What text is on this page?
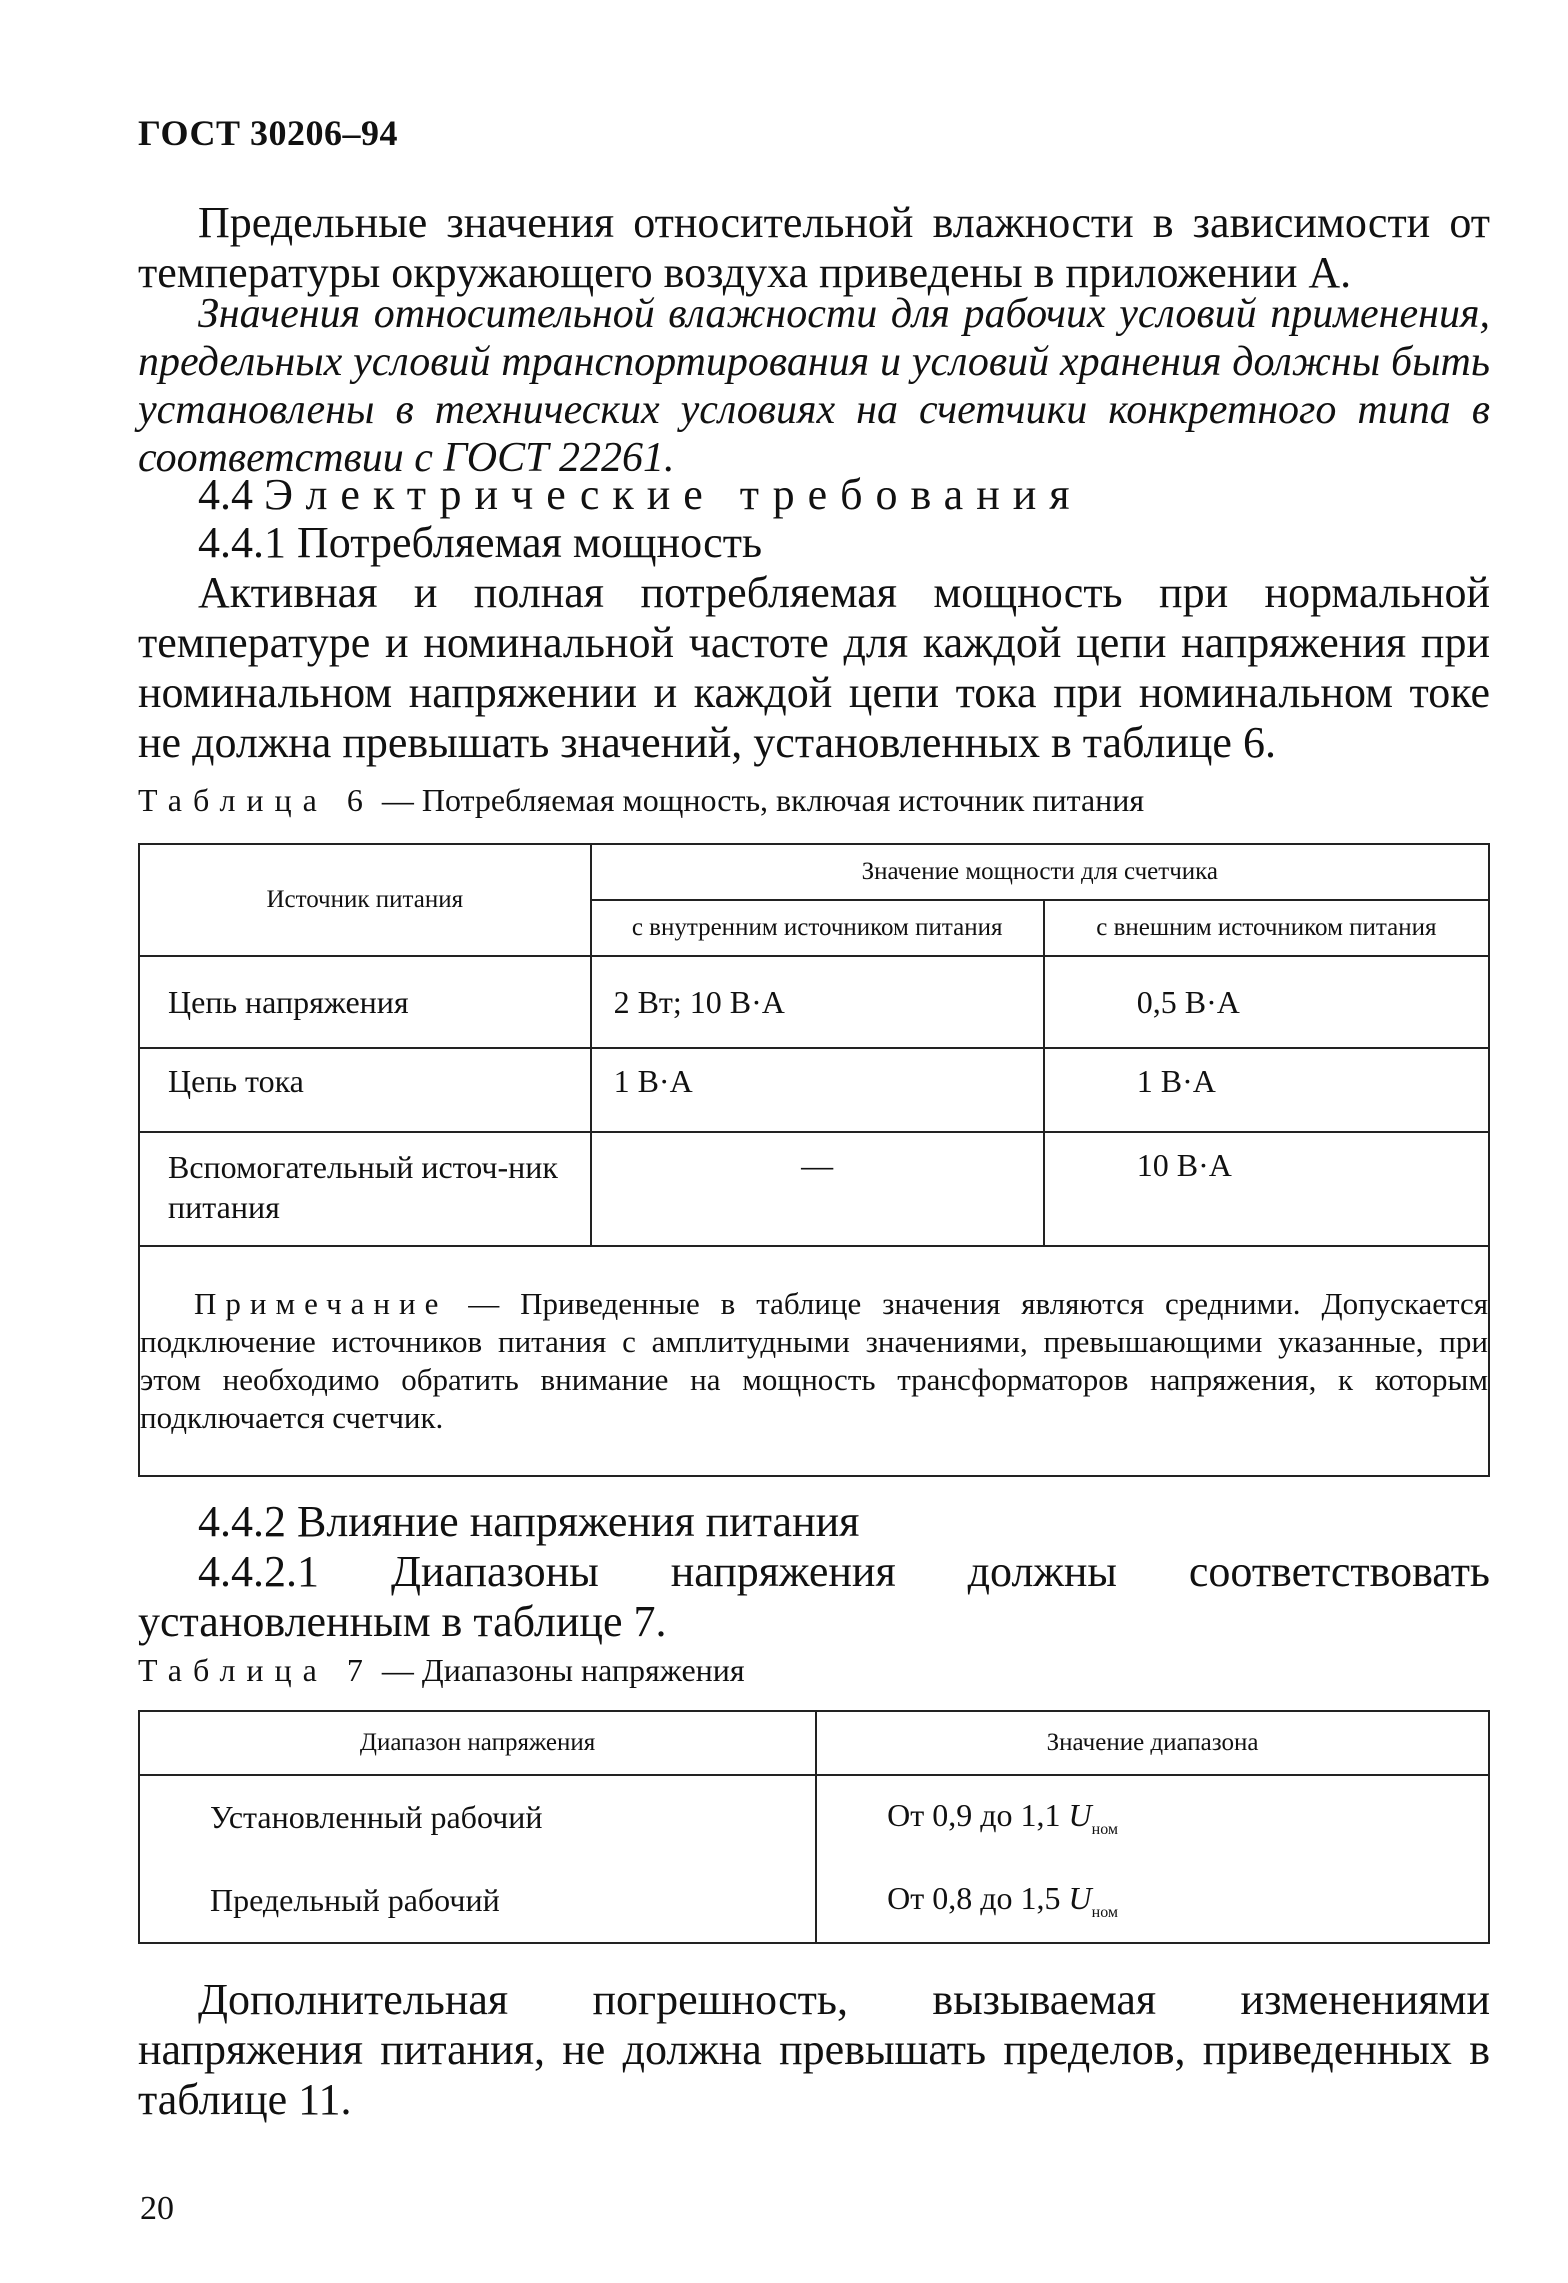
ГОСТ 30206–94

Предельные значения относительной влажности в зависимости от температуры окружающего воздуха приведены в приложении А.

Значения относительной влажности для рабочих условий применения, предельных условий транспортирования и условий хранения должны быть установлены в технических условиях на счетчики конкретного типа в соответствии с ГОСТ 22261.

4.4 Электрические требования
4.4.1 Потребляемая мощность

Активная и полная потребляемая мощность при нормальной температуре и номинальной частоте для каждой цепи напряжения при номинальном напряжении и каждой цепи тока при номинальном токе не должна превышать значений, установленных в таблице 6.

Таблица 6 — Потребляемая мощность, включая источник питания
Источник питания	Значение мощности для счетчика	
	с внутренним источником питания	с внешним источником питания
Цепь напряжения	2 Вт; 10 В·А	0,5 В·А
Цепь тока	1 В·А	1 В·А
Вспомогательный источ-ник питания	—	10 В·А
Примечание — Приведенные в таблице значения являются средними. Допускается подключение источников питания с амплитудными значениями, превышающими указанные, при этом необходимо обратить внимание на мощность трансформаторов напряжения, к которым подключается счетчик.		
4.4.2 Влияние напряжения питания

4.4.2.1 Диапазоны напряжения должны соответствовать установленным в таблице 7.

Таблица 7 — Диапазоны напряжения
Диапазон напряжения	Значение диапазона
Установленный рабочий	От 0,9 до 1,1 $U_{ном}$
Предельный рабочий	От 0,8 до 1,5 $U_{ном}$

Дополнительная погрешность, вызываемая изменениями напряжения питания, не должна превышать пределов, приведенных в таблице 11.

20
